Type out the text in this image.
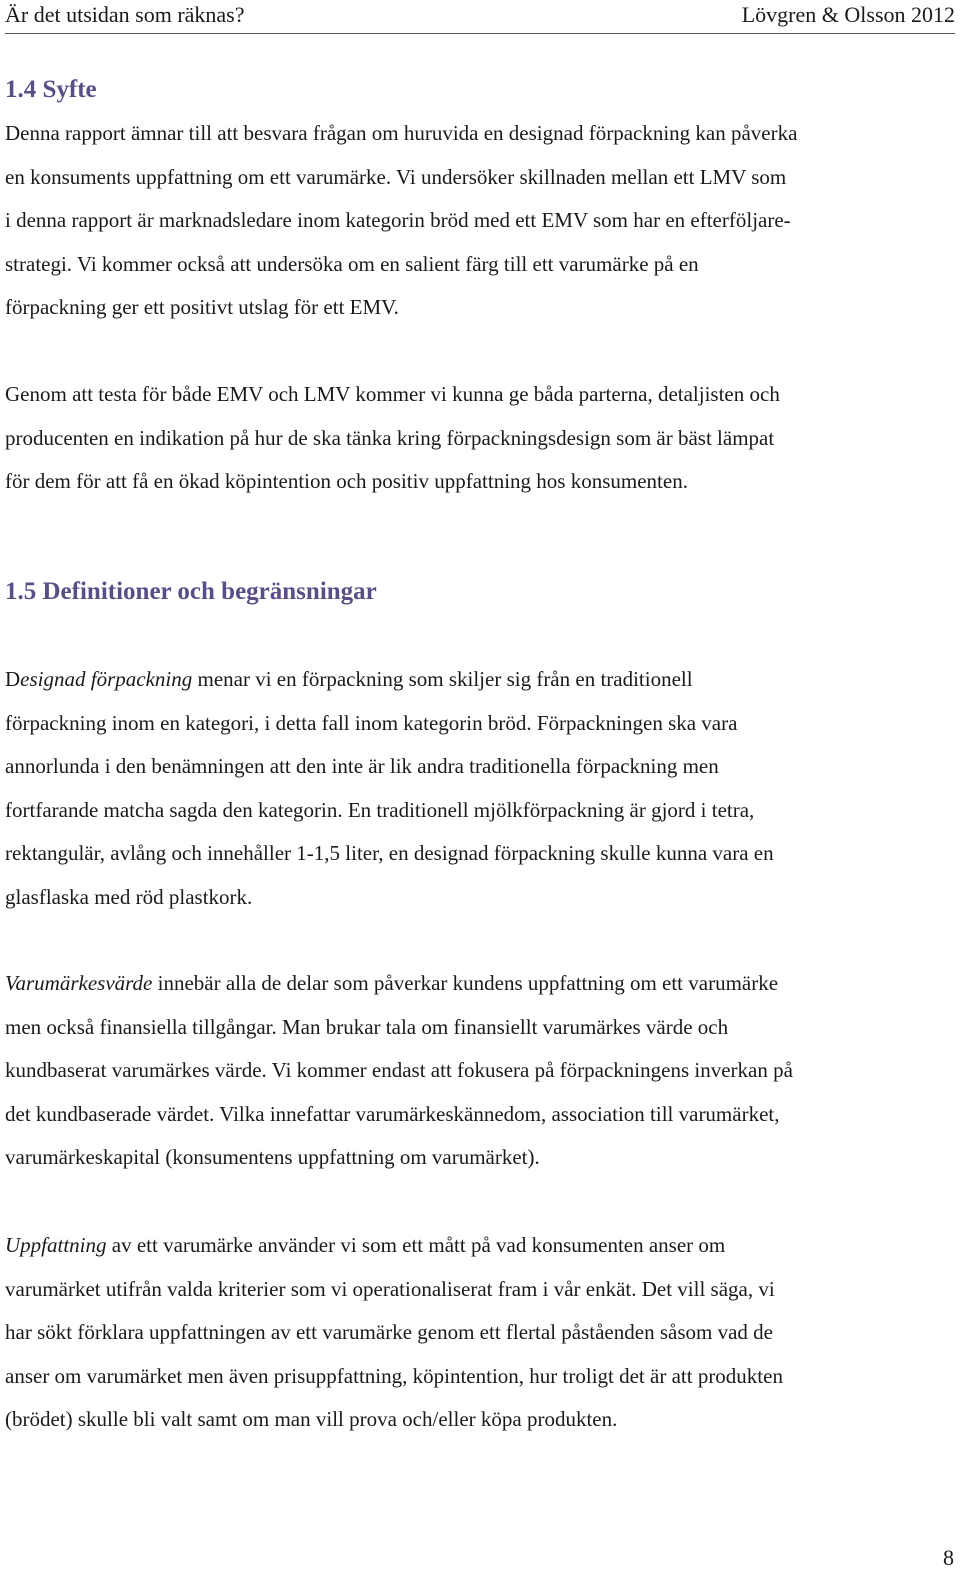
Är det utsidan som räknas?	Lövgren & Olsson 2012
1.4 Syfte

Denna rapport ämnar till att besvara frågan om huruvida en designad förpackning kan påverka
en konsuments uppfattning om ett varumärke. Vi undersöker skillnaden mellan ett LMV som
i denna rapport är marknadsledare inom kategorin bröd med ett EMV som har en efterföljare-
strategi. Vi kommer också att undersöka om en salient färg till ett varumärke på en
förpackning ger ett positivt utslag för ett EMV.

Genom att testa för både EMV och LMV kommer vi kunna ge båda parterna, detaljisten och
producenten en indikation på hur de ska tänka kring förpackningsdesign som är bäst lämpat
för dem för att få en ökad köpintention och positiv uppfattning hos konsumenten.

1.5 Definitioner och begränsningar

Designad förpackning menar vi en förpackning som skiljer sig från en traditionell
förpackning inom en kategori, i detta fall inom kategorin bröd. Förpackningen ska vara
annorlunda i den benämningen att den inte är lik andra traditionella förpackning men
fortfarande matcha sagda den kategorin. En traditionell mjölkförpackning är gjord i tetra,
rektangulär, avlång och innehåller 1-1,5 liter, en designad förpackning skulle kunna vara en
glasflaska med röd plastkork.

Varumärkesvärde innebär alla de delar som påverkar kundens uppfattning om ett varumärke
men också finansiella tillgångar. Man brukar tala om finansiellt varumärkes värde och
kundbaserat varumärkes värde. Vi kommer endast att fokusera på förpackningens inverkan på
det kundbaserade värdet. Vilka innefattar varumärkeskännedom, association till varumärket,
varumärkeskapital (konsumentens uppfattning om varumärket).

Uppfattning av ett varumärke använder vi som ett mått på vad konsumenten anser om
varumärket utifrån valda kriterier som vi operationaliserat fram i vår enkät. Det vill säga, vi
har sökt förklara uppfattningen av ett varumärke genom ett flertal påståenden såsom vad de
anser om varumärket men även prisuppfattning, köpintention, hur troligt det är att produkten
(brödet) skulle bli valt samt om man vill prova och/eller köpa produkten.

8
